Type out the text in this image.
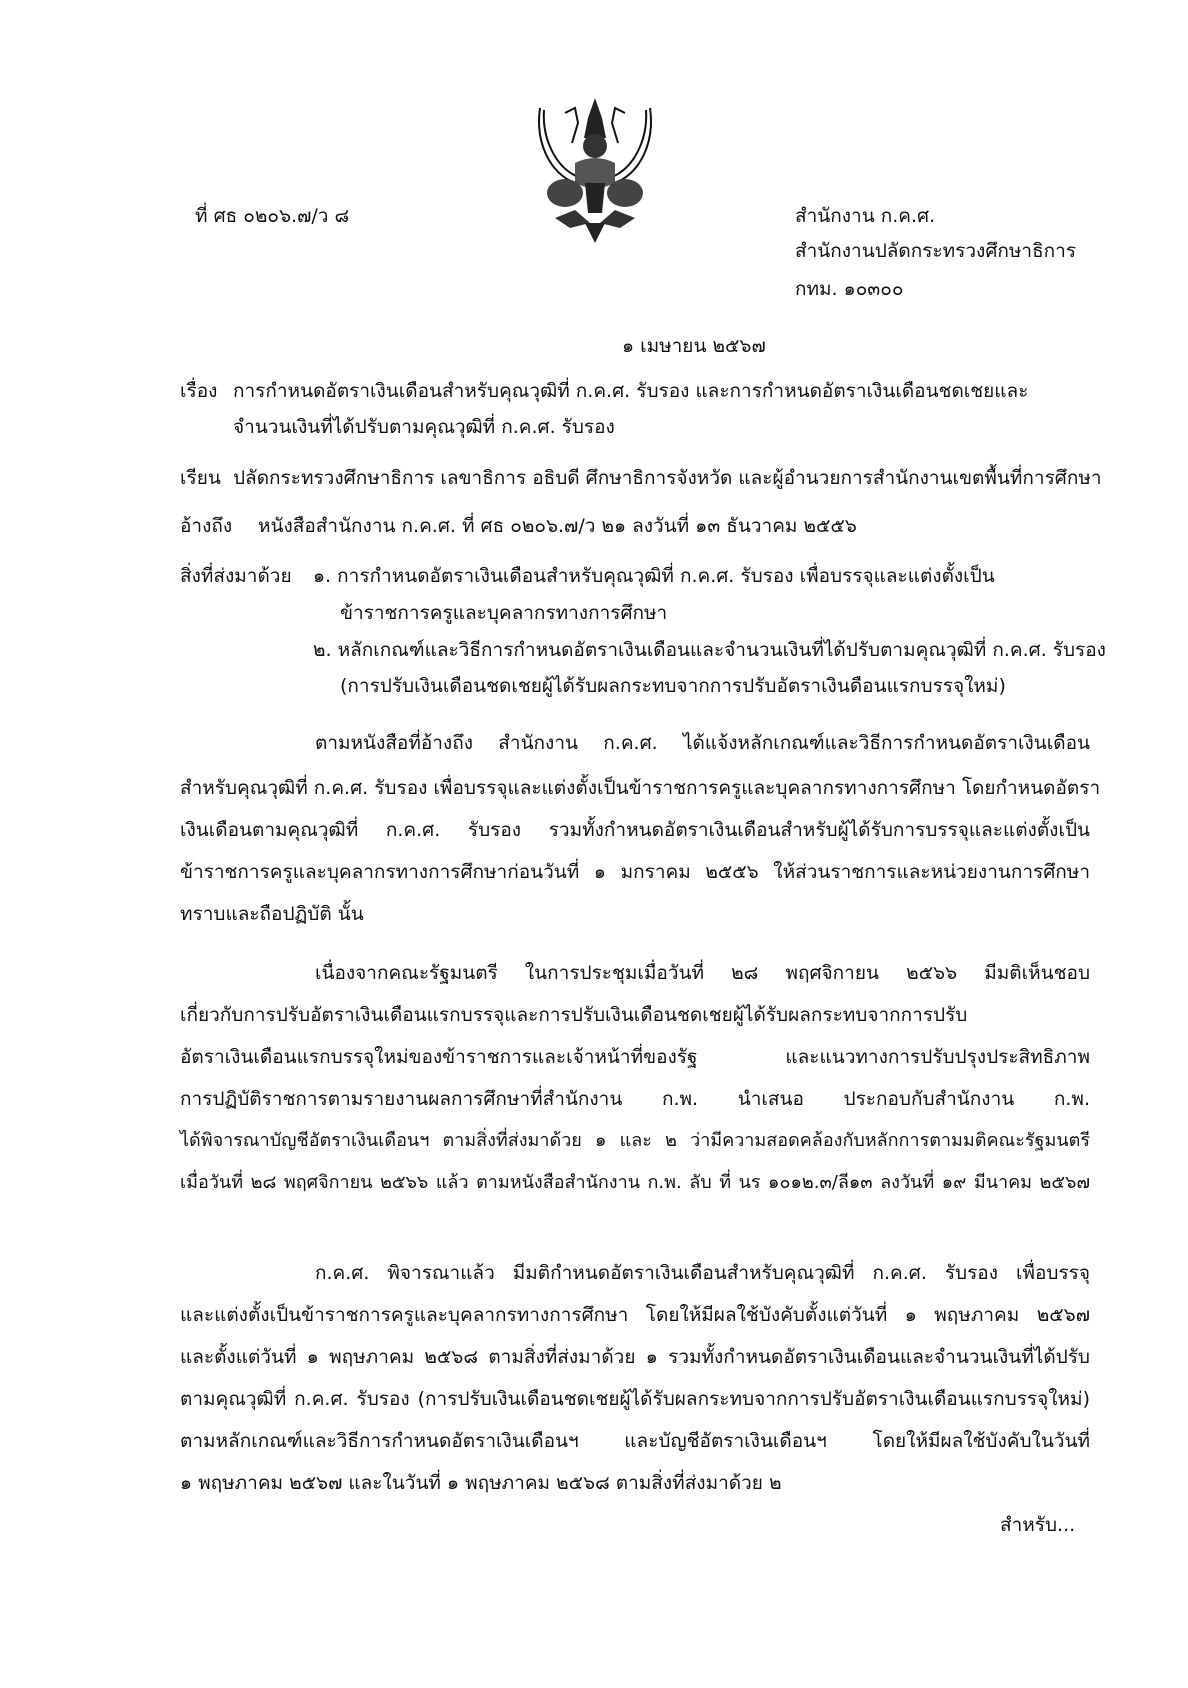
ที่ ศธ ๐๒๐๖.๗/ว ๘	สำนักงาน ก.ค.ศ.
สำนักงานปลัดกระทรวงศึกษาธิการ
กทม. ๑๐๓๐๐
๑ เมษายน ๒๕๖๗
เรื่อง การกำหนดอัตราเงินเดือนสำหรับคุณวุฒิที่ ก.ค.ศ. รับรอง และการกำหนดอัตราเงินเดือนชดเชยและ
จำนวนเงินที่ได้ปรับตามคุณวุฒิที่ ก.ค.ศ. รับรอง
เรียน ปลัดกระทรวงศึกษาธิการ เลขาธิการ อธิบดี ศึกษาธิการจังหวัด และผู้อำนวยการสำนักงานเขตพื้นที่การศึกษา
อ้างถึง หนังสือสำนักงาน ก.ค.ศ. ที่ ศธ ๐๒๐๖.๗/ว ๒๑ ลงวันที่ ๑๓ ธันวาคม ๒๕๕๖
สิ่งที่ส่งมาด้วย ๑. การกำหนดอัตราเงินเดือนสำหรับคุณวุฒิที่ ก.ค.ศ. รับรอง เพื่อบรรจุและแต่งตั้งเป็น
ข้าราชการครูและบุคลากรทางการศึกษา
๒. หลักเกณฑ์และวิธีการกำหนดอัตราเงินเดือนและจำนวนเงินที่ได้ปรับตามคุณวุฒิที่ ก.ค.ศ. รับรอง
(การปรับเงินเดือนชดเชยผู้ได้รับผลกระทบจากการปรับอัตราเงินดือนแรกบรรจุใหม่)
ตามหนังสือที่อ้างถึง สำนักงาน ก.ค.ศ. ได้แจ้งหลักเกณฑ์และวิธีการกำหนดอัตราเงินเดือน
สำหรับคุณวุฒิที่ ก.ค.ศ. รับรอง เพื่อบรรจุและแต่งตั้งเป็นข้าราชการครูและบุคลากรทางการศึกษา โดยกำหนดอัตรา
เงินเดือนตามคุณวุฒิที่ ก.ค.ศ. รับรอง รวมทั้งกำหนดอัตราเงินเดือนสำหรับผู้ได้รับการบรรจุและแต่งตั้งเป็น
ข้าราชการครูและบุคลากรทางการศึกษาก่อนวันที่ ๑ มกราคม ๒๕๕๖ ให้ส่วนราชการและหน่วยงานการศึกษา
ทราบและถือปฏิบัติ นั้น
เนื่องจากคณะรัฐมนตรี ในการประชุมเมื่อวันที่ ๒๘ พฤศจิกายน ๒๕๖๖ มีมติเห็นชอบ
เกี่ยวกับการปรับอัตราเงินเดือนแรกบรรจุและการปรับเงินเดือนชดเชยผู้ได้รับผลกระทบจากการปรับ
อัตราเงินเดือนแรกบรรจุใหม่ของข้าราชการและเจ้าหน้าที่ของรัฐ และแนวทางการปรับปรุงประสิทธิภาพ
การปฏิบัติราชการตามรายงานผลการศึกษาที่สำนักงาน ก.พ. นำเสนอ ประกอบกับสำนักงาน ก.พ.
ได้พิจารณาบัญชีอัตราเงินเดือนฯ ตามสิ่งที่ส่งมาด้วย ๑ และ ๒ ว่ามีความสอดคล้องกับหลักการตามมติคณะรัฐมนตรี
เมื่อวันที่ ๒๘ พฤศจิกายน ๒๕๖๖ แล้ว ตามหนังสือสำนักงาน ก.พ. ลับ ที่ นร ๑๐๑๒.๓/ลี๑๓ ลงวันที่ ๑๙ มีนาคม ๒๕๖๗
ก.ค.ศ. พิจารณาแล้ว มีมติกำหนดอัตราเงินเดือนสำหรับคุณวุฒิที่ ก.ค.ศ. รับรอง เพื่อบรรจุ
และแต่งตั้งเป็นข้าราชการครูและบุคลากรทางการศึกษา โดยให้มีผลใช้บังคับตั้งแต่วันที่ ๑ พฤษภาคม ๒๕๖๗
และตั้งแต่วันที่ ๑ พฤษภาคม ๒๕๖๘ ตามสิ่งที่ส่งมาด้วย ๑ รวมทั้งกำหนดอัตราเงินเดือนและจำนวนเงินที่ได้ปรับ
ตามคุณวุฒิที่ ก.ค.ศ. รับรอง (การปรับเงินเดือนชดเชยผู้ได้รับผลกระทบจากการปรับอัตราเงินเดือนแรกบรรจุใหม่)
ตามหลักเกณฑ์และวิธีการกำหนดอัตราเงินเดือนฯ และบัญชีอัตราเงินเดือนฯ โดยให้มีผลใช้บังคับในวันที่
๑ พฤษภาคม ๒๕๖๗ และในวันที่ ๑ พฤษภาคม ๒๕๖๘ ตามสิ่งที่ส่งมาด้วย ๒
สำหรับ...
